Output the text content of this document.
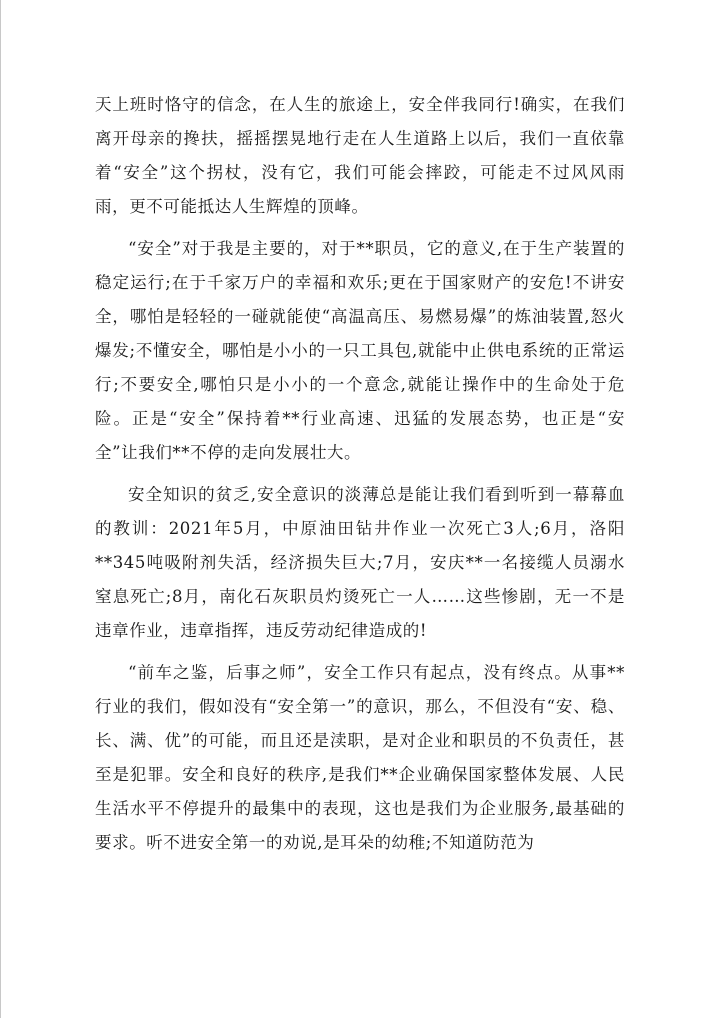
天上班时恪守的信念，在人生的旅途上，安全伴我同行!确实，在我们离开母亲的搀扶，摇摇摆晃地行走在人生道路上以后，我们一直依靠着“安全”这个拐杖，没有它，我们可能会摔跤，可能走不过风风雨雨，更不可能抵达人生辉煌的顶峰。

“安全”对于我是主要的，对于**职员，它的意义,在于生产装置的稳定运行;在于千家万户的幸福和欢乐;更在于国家财产的安危!不讲安全，哪怕是轻轻的一碰就能使“高温高压、易燃易爆”的炼油装置,怒火爆发;不懂安全，哪怕是小小的一只工具包,就能中止供电系统的正常运行;不要安全,哪怕只是小小的一个意念,就能让操作中的生命处于危险。正是“安全”保持着**行业高速、迅猛的发展态势，也正是“安全”让我们**不停的走向发展壮大。

安全知识的贫乏,安全意识的淡薄总是能让我们看到听到一幕幕血的教训：2021年5月，中原油田钻井作业一次死亡3人;6月，洛阳**345吨吸附剂失活，经济损失巨大;7月，安庆**一名接缆人员溺水窒息死亡;8月，南化石灰职员灼烫死亡一人……这些惨剧，无一不是违章作业，违章指挥，违反劳动纪律造成的!

“前车之鉴，后事之师”，安全工作只有起点，没有终点。从事**行业的我们，假如没有“安全第一”的意识，那么，不但没有“安、稳、长、满、优”的可能，而且还是渎职，是对企业和职员的不负责任，甚至是犯罪。安全和良好的秩序,是我们**企业确保国家整体发展、人民生活水平不停提升的最集中的表现，这也是我们为企业服务,最基础的要求。听不进安全第一的劝说,是耳朵的幼稚;不知道防范为
